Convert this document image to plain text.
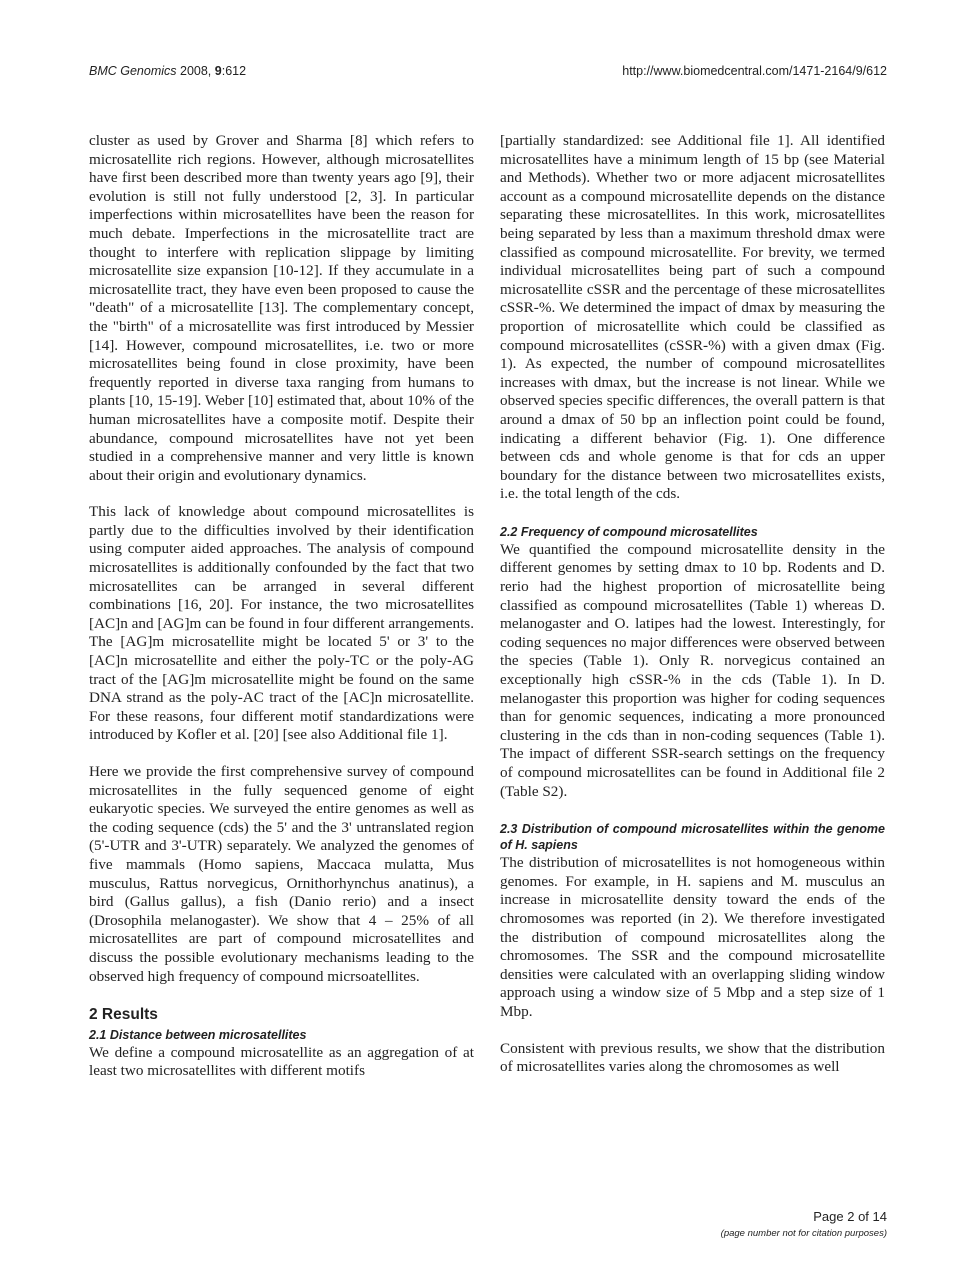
BMC Genomics 2008, 9:612	http://www.biomedcentral.com/1471-2164/9/612

cluster as used by Grover and Sharma [8] which refers to microsatellite rich regions. However, although microsatellites have first been described more than twenty years ago [9], their evolution is still not fully understood [2, 3]. In particular imperfections within microsatellites have been the reason for much debate. Imperfections in the microsatellite tract are thought to interfere with replication slippage by limiting microsatellite size expansion [10-12]. If they accumulate in a microsatellite tract, they have even been proposed to cause the "death" of a microsatellite [13]. The complementary concept, the "birth" of a microsatellite was first introduced by Messier [14]. However, compound microsatellites, i.e. two or more microsatellites being found in close proximity, have been frequently reported in diverse taxa ranging from humans to plants [10, 15-19]. Weber [10] estimated that, about 10% of the human microsatellites have a composite motif. Despite their abundance, compound microsatellites have not yet been studied in a comprehensive manner and very little is known about their origin and evolutionary dynamics.

This lack of knowledge about compound microsatellites is partly due to the difficulties involved by their identification using computer aided approaches. The analysis of compound microsatellites is additionally confounded by the fact that two microsatellites can be arranged in several different combinations [16, 20]. For instance, the two microsatellites [AC]n and [AG]m can be found in four different arrangements. The [AG]m microsatellite might be located 5' or 3' to the [AC]n microsatellite and either the poly-TC or the poly-AG tract of the [AG]m microsatellite might be found on the same DNA strand as the poly-AC tract of the [AC]n microsatellite. For these reasons, four different motif standardizations were introduced by Kofler et al. [20] [see also Additional file 1].

Here we provide the first comprehensive survey of compound microsatellites in the fully sequenced genome of eight eukaryotic species. We surveyed the entire genomes as well as the coding sequence (cds) the 5' and the 3' untranslated region (5'-UTR and 3'-UTR) separately. We analyzed the genomes of five mammals (Homo sapiens, Maccaca mulatta, Mus musculus, Rattus norvegicus, Ornithorhynchus anatinus), a bird (Gallus gallus), a fish (Danio rerio) and a insect (Drosophila melanogaster). We show that 4 – 25% of all microsatellites are part of compound microsatellites and discuss the possible evolutionary mechanisms leading to the observed high frequency of compound micrsoatellites.

2 Results
2.1 Distance between microsatellites

We define a compound microsatellite as an aggregation of at least two microsatellites with different motifs

[partially standardized: see Additional file 1]. All identified microsatellites have a minimum length of 15 bp (see Material and Methods). Whether two or more adjacent microsatellites account as a compound microsatellite depends on the distance separating these microsatellites. In this work, microsatellites being separated by less than a maximum threshold dmax were classified as compound microsatellite. For brevity, we termed individual microsatellites being part of such a compound microsatellite cSSR and the percentage of these microsatellites cSSR-%. We determined the impact of dmax by measuring the proportion of microsatellite which could be classified as compound microsatellites (cSSR-%) with a given dmax (Fig. 1). As expected, the number of compound microsatellites increases with dmax, but the increase is not linear. While we observed species specific differences, the overall pattern is that around a dmax of 50 bp an inflection point could be found, indicating a different behavior (Fig. 1). One difference between cds and whole genome is that for cds an upper boundary for the distance between two microsatellites exists, i.e. the total length of the cds.

2.2 Frequency of compound microsatellites

We quantified the compound microsatellite density in the different genomes by setting dmax to 10 bp. Rodents and D. rerio had the highest proportion of microsatellite being classified as compound microsatellites (Table 1) whereas D. melanogaster and O. latipes had the lowest. Interestingly, for coding sequences no major differences were observed between the species (Table 1). Only R. norvegicus contained an exceptionally high cSSR-% in the cds (Table 1). In D. melanogaster this proportion was higher for coding sequences than for genomic sequences, indicating a more pronounced clustering in the cds than in non-coding sequences (Table 1). The impact of different SSR-search settings on the frequency of compound microsatellites can be found in Additional file 2 (Table S2).

2.3 Distribution of compound microsatellites within the genome of H. sapiens

The distribution of microsatellites is not homogeneous within genomes. For example, in H. sapiens and M. musculus an increase in microsatellite density toward the ends of the chromosomes was reported (in 2). We therefore investigated the distribution of compound microsatellites along the chromosomes. The SSR and the compound microsatellite densities were calculated with an overlapping sliding window approach using a window size of 5 Mbp and a step size of 1 Mbp.

Consistent with previous results, we show that the distribution of microsatellites varies along the chromosomes as well

Page 2 of 14
(page number not for citation purposes)
